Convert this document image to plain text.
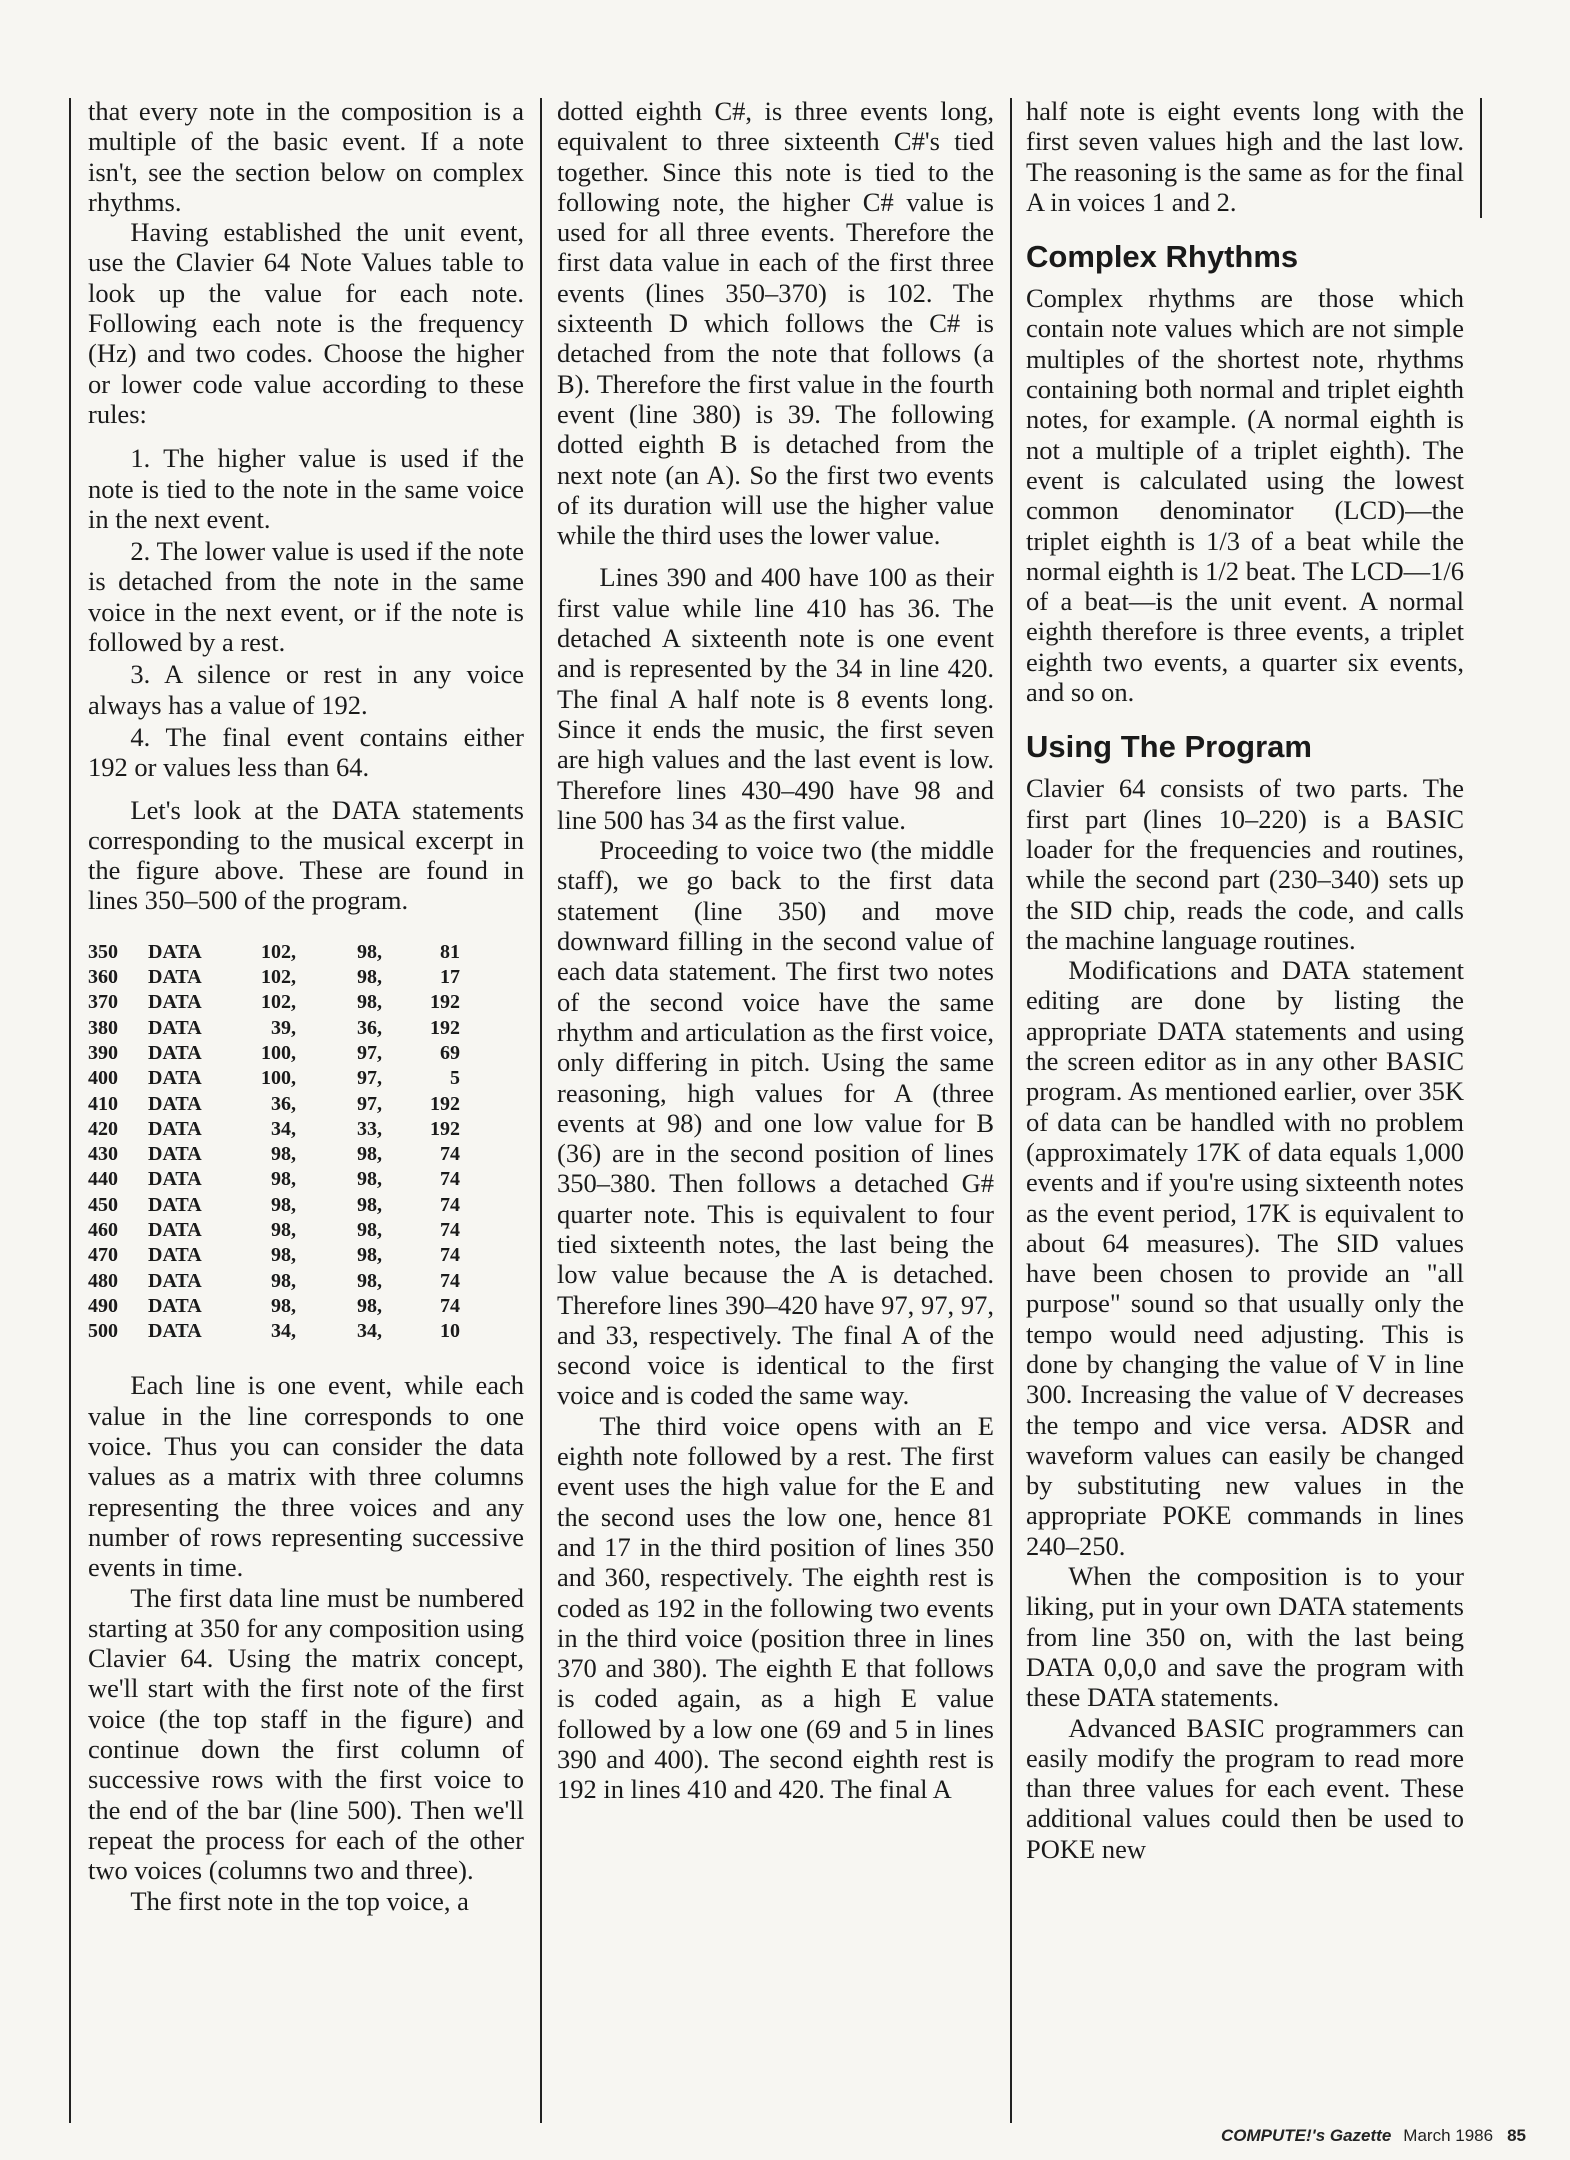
that every note in the composition is a multiple of the basic event. If a note isn't, see the section below on complex rhythms.

Having established the unit event, use the Clavier 64 Note Values table to look up the value for each note. Following each note is the frequency (Hz) and two codes. Choose the higher or lower code value according to these rules:

1. The higher value is used if the note is tied to the note in the same voice in the next event.
2. The lower value is used if the note is detached from the note in the same voice in the next event, or if the note is followed by a rest.
3. A silence or rest in any voice always has a value of 192.
4. The final event contains either 192 or values less than 64.

Let's look at the DATA statements corresponding to the musical excerpt in the figure above. These are found in lines 350–500 of the program.

350	DATA	102,	98,	81
360	DATA	102,	98,	17
370	DATA	102,	98,	192
380	DATA	39,	36,	192
390	DATA	100,	97,	69
400	DATA	100,	97,	5
410	DATA	36,	97,	192
420	DATA	34,	33,	192
430	DATA	98,	98,	74
440	DATA	98,	98,	74
450	DATA	98,	98,	74
460	DATA	98,	98,	74
470	DATA	98,	98,	74
480	DATA	98,	98,	74
490	DATA	98,	98,	74
500	DATA	34,	34,	10

Each line is one event, while each value in the line corresponds to one voice. Thus you can consider the data values as a matrix with three columns representing the three voices and any number of rows representing successive events in time.

The first data line must be numbered starting at 350 for any composition using Clavier 64. Using the matrix concept, we'll start with the first note of the first voice (the top staff in the figure) and continue down the first column of successive rows with the first voice to the end of the bar (line 500). Then we'll repeat the process for each of the other two voices (columns two and three).

The first note in the top voice, a

dotted eighth C#, is three events long, equivalent to three sixteenth C#'s tied together. Since this note is tied to the following note, the higher C# value is used for all three events. Therefore the first data value in each of the first three events (lines 350–370) is 102. The sixteenth D which follows the C# is detached from the note that follows (a B). Therefore the first value in the fourth event (line 380) is 39. The following dotted eighth B is detached from the next note (an A). So the first two events of its duration will use the higher value while the third uses the lower value.

Lines 390 and 400 have 100 as their first value while line 410 has 36. The detached A sixteenth note is one event and is represented by the 34 in line 420. The final A half note is 8 events long. Since it ends the music, the first seven are high values and the last event is low. Therefore lines 430–490 have 98 and line 500 has 34 as the first value.

Proceeding to voice two (the middle staff), we go back to the first data statement (line 350) and move downward filling in the second value of each data statement. The first two notes of the second voice have the same rhythm and articulation as the first voice, only differing in pitch. Using the same reasoning, high values for A (three events at 98) and one low value for B (36) are in the second position of lines 350–380. Then follows a detached G# quarter note. This is equivalent to four tied sixteenth notes, the last being the low value because the A is detached. Therefore lines 390–420 have 97, 97, 97, and 33, respectively. The final A of the second voice is identical to the first voice and is coded the same way.

The third voice opens with an E eighth note followed by a rest. The first event uses the high value for the E and the second uses the low one, hence 81 and 17 in the third position of lines 350 and 360, respectively. The eighth rest is coded as 192 in the following two events in the third voice (position three in lines 370 and 380). The eighth E that follows is coded again, as a high E value followed by a low one (69 and 5 in lines 390 and 400). The second eighth rest is 192 in lines 410 and 420. The final A

half note is eight events long with the first seven values high and the last low. The reasoning is the same as for the final A in voices 1 and 2.

Complex Rhythms

Complex rhythms are those which contain note values which are not simple multiples of the shortest note, rhythms containing both normal and triplet eighth notes, for example. (A normal eighth is not a multiple of a triplet eighth). The event is calculated using the lowest common denominator (LCD)—the triplet eighth is 1/3 of a beat while the normal eighth is 1/2 beat. The LCD—1/6 of a beat—is the unit event. A normal eighth therefore is three events, a triplet eighth two events, a quarter six events, and so on.

Using The Program

Clavier 64 consists of two parts. The first part (lines 10–220) is a BASIC loader for the frequencies and routines, while the second part (230–340) sets up the SID chip, reads the code, and calls the machine language routines.

Modifications and DATA statement editing are done by listing the appropriate DATA statements and using the screen editor as in any other BASIC program. As mentioned earlier, over 35K of data can be handled with no problem (approximately 17K of data equals 1,000 events and if you're using sixteenth notes as the event period, 17K is equivalent to about 64 measures). The SID values have been chosen to provide an "all purpose" sound so that usually only the tempo would need adjusting. This is done by changing the value of V in line 300. Increasing the value of V decreases the tempo and vice versa. ADSR and waveform values can easily be changed by substituting new values in the appropriate POKE commands in lines 240–250.

When the composition is to your liking, put in your own DATA statements from line 350 on, with the last being DATA 0,0,0 and save the program with these DATA statements.

Advanced BASIC programmers can easily modify the program to read more than three values for each event. These additional values could then be used to POKE new

COMPUTE!'s Gazette March 1986 85
